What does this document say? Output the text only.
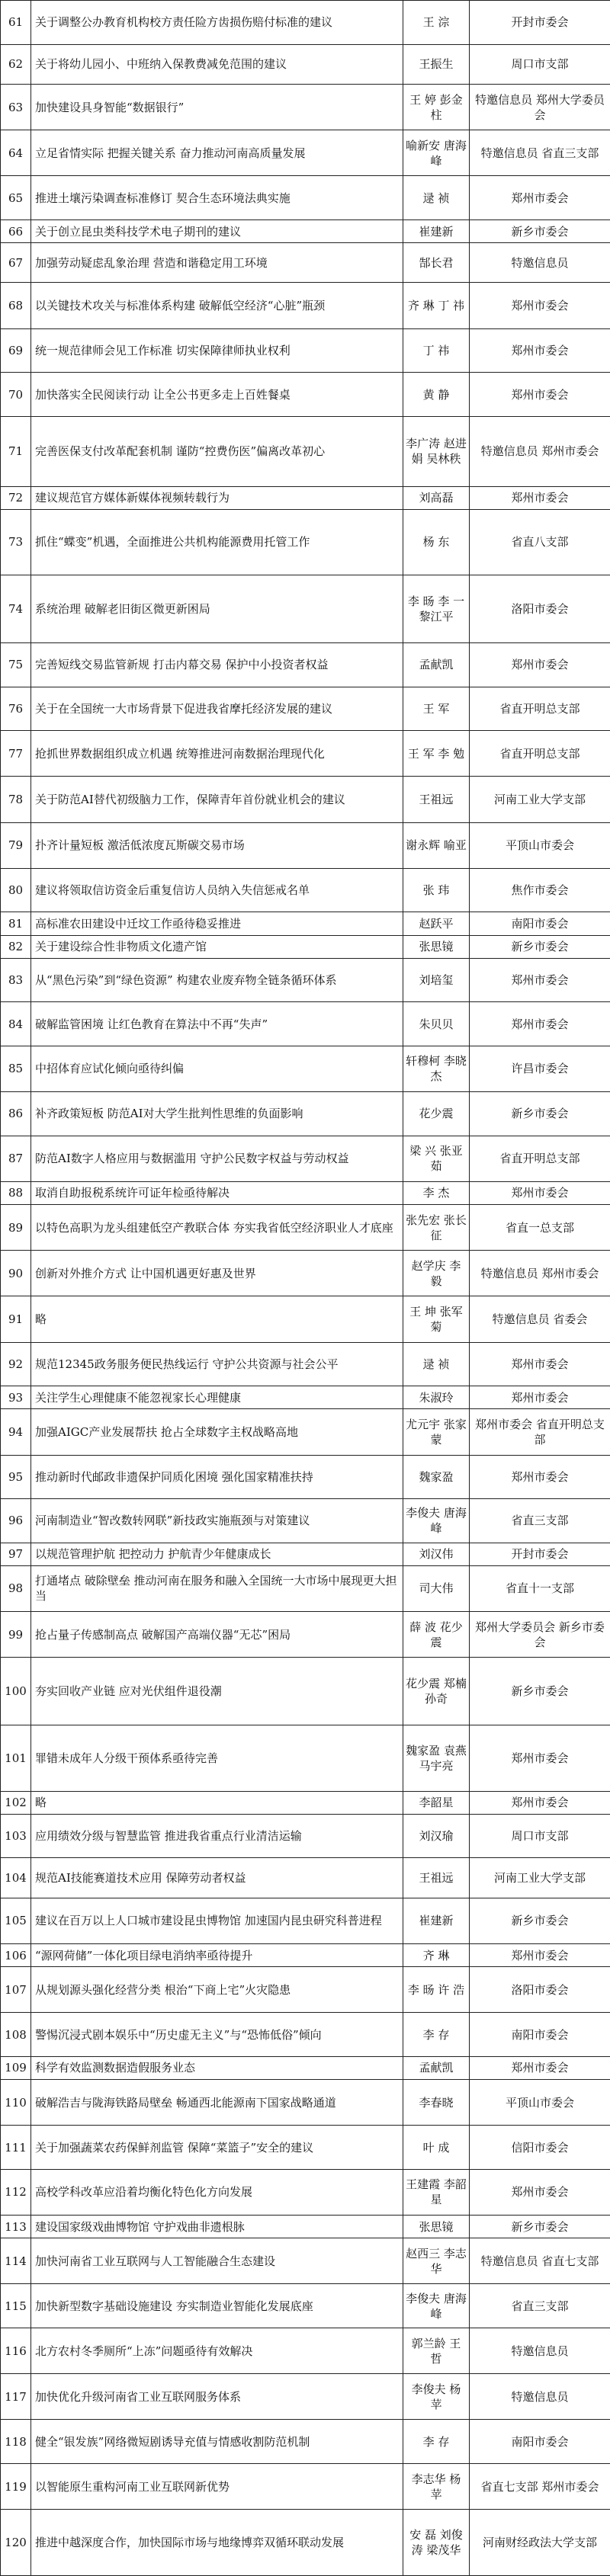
61	关于调整公办教育机构校方责任险方齿损伤赔付标准的建议	王 淙	开封市委会
62	关于将幼儿园小、中班纳入保教费减免范围的建议	王振生	周口市支部
63	加快建设具身智能“数据银行”	王 婷 彭金柱	特邀信息员 郑州大学委员会
64	立足省情实际 把握关键关系 奋力推动河南高质量发展	喻新安 唐海峰	特邀信息员 省直三支部
65	推进土壤污染调查标准修订 契合生态环境法典实施	逯 祯	郑州市委会
66	关于创立昆虫类科技学术电子期刊的建议	崔建新	新乡市委会
67	加强劳动疑虑乱象治理 营造和谐稳定用工环境	郜长君	特邀信息员
68	以关键技术攻关与标准体系构建 破解低空经济“心脏”瓶颈	齐 琳 丁 祎	郑州市委会
69	统一规范律师会见工作标准 切实保障律师执业权利	丁 祎	郑州市委会
70	加快落实全民阅读行动 让全公书更多走上百姓餐桌	黄 静	郑州市委会
71	完善医保支付改革配套机制 谨防“控费伤医”偏离改革初心	李广涛 赵进娟 吴林秩	特邀信息员 郑州市委会
72	建议规范官方媒体新媒体视频转载行为	刘高磊	郑州市委会
73	抓住“蝶变”机遇，全面推进公共机构能源费用托管工作	杨 东	省直八支部
74	系统治理 破解老旧街区微更新困局	李 旸 李 一 黎江平	洛阳市委会
75	完善短线交易监管新规 打击内幕交易 保护中小投资者权益	孟献凯	郑州市委会
76	关于在全国统一大市场背景下促进我省摩托经济发展的建议	王 军	省直开明总支部
77	抢抓世界数据组织成立机遇 统筹推进河南数据治理现代化	王 军 李 勉	省直开明总支部
78	关于防范AI替代初级脑力工作，保障青年首份就业机会的建议	王祖远	河南工业大学支部
79	扑齐计量短板 激活低浓度瓦斯碳交易市场	谢永辉 喻亚	平顶山市委会
80	建议将领取信访资金后重复信访人员纳入失信惩戒名单	张 玮	焦作市委会
81	高标准农田建设中迁坟工作亟待稳妥推进	赵跃平	南阳市委会
82	关于建设综合性非物质文化遗产馆	张思镜	新乡市委会
83	从“黑色污染”到“绿色资源” 构建农业废弃物全链条循环体系	刘培玺	郑州市委会
84	破解监管困境 让红色教育在算法中不再“失声”	朱贝贝	郑州市委会
85	中招体育应试化倾向亟待纠偏	轩穆柯 李晓杰	许昌市委会
86	补齐政策短板 防范AI对大学生批判性思维的负面影响	花少震	新乡市委会
87	防范AI数字人格应用与数据滥用 守护公民数字权益与劳动权益	梁 兴 张亚茹	省直开明总支部
88	取消自助报税系统许可证年检亟待解决	李 杰	郑州市委会
89	以特色高职为龙头组建低空产教联合体 夯实我省低空经济职业人才底座	张先宏 张长征	省直一总支部
90	创新对外推介方式 让中国机遇更好惠及世界	赵学庆 李 毅	特邀信息员 郑州市委会
91	略	王 坤 张军菊	特邀信息员 省委会
92	规范12345政务服务便民热线运行 守护公共资源与社会公平	逯 祯	郑州市委会
93	关注学生心理健康不能忽视家长心理健康	朱淑玲	郑州市委会
94	加强AIGC产业发展帮扶 抢占全球数字主权战略高地	尤元宇 张家蒙	郑州市委会 省直开明总支部
95	推动新时代邮政非遗保护同质化困境 强化国家精准扶持	魏家盈	郑州市委会
96	河南制造业“智改数转网联”新技政实施瓶颈与对策建议	李俊夫 唐海峰	省直三支部
97	以规范管理护航 把控动力 护航青少年健康成长	刘汉伟	开封市委会
98	打通堵点 破除壁垒 推动河南在服务和融入全国统一大市场中展现更大担当	司大伟	省直十一支部
99	抢占量子传感制高点 破解国产高端仪器“无芯”困局	薛 波 花少震	郑州大学委员会 新乡市委会
100	夯实回收产业链 应对光伏组件退役潮	花少震 郑楠 孙奇	新乡市委会
101	罪错未成年人分级干预体系亟待完善	魏家盈 袁燕 马宇亮	郑州市委会
102	略	李韶星	郑州市委会
103	应用绩效分级与智慧监管 推进我省重点行业清洁运输	刘汉瑜	周口市支部
104	规范AI技能赛道技术应用 保障劳动者权益	王祖远	河南工业大学支部
105	建议在百万以上人口城市建设昆虫博物馆 加速国内昆虫研究科普进程	崔建新	新乡市委会
106	“源网荷储”一体化项目绿电消纳率亟待提升	齐 琳	郑州市委会
107	从规划源头强化经营分类 根治“下商上宅”火灾隐患	李 旸 许 浩	洛阳市委会
108	警惕沉浸式剧本娱乐中“历史虚无主义”与“恐怖低俗”倾向	李 存	南阳市委会
109	科学有效监测数据造假服务业态	孟献凯	郑州市委会
110	破解浩吉与陇海铁路局壁垒 畅通西北能源南下国家战略通道	李春晓	平顶山市委会
111	关于加强蔬菜农药保鲜剂监管 保障“菜篮子”安全的建议	叶 成	信阳市委会
112	高校学科改革应沿着均衡化特色化方向发展	王建霞 李韶星	郑州市委会
113	建设国家级戏曲博物馆 守护戏曲非遗根脉	张思镜	新乡市委会
114	加快河南省工业互联网与人工智能融合生态建设	赵西三 李志华	特邀信息员 省直七支部
115	加快新型数字基础设施建设 夯实制造业智能化发展底座	李俊夫 唐海峰	省直三支部
116	北方农村冬季厕所“上冻”问题亟待有效解决	郭兰龄 王 哲	特邀信息员
117	加快优化升级河南省工业互联网服务体系	李俊夫 杨 苹	特邀信息员
118	健全“银发族”网络微短剧诱导充值与情感收割防范机制	李 存	南阳市委会
119	以智能原生重构河南工业互联网新优势	李志华 杨 苹	省直七支部 郑州市委会
120	推进中越深度合作，加快国际市场与地缘博弈双循环联动发展	安 磊 刘俊涛 梁茂华	河南财经政法大学支部
